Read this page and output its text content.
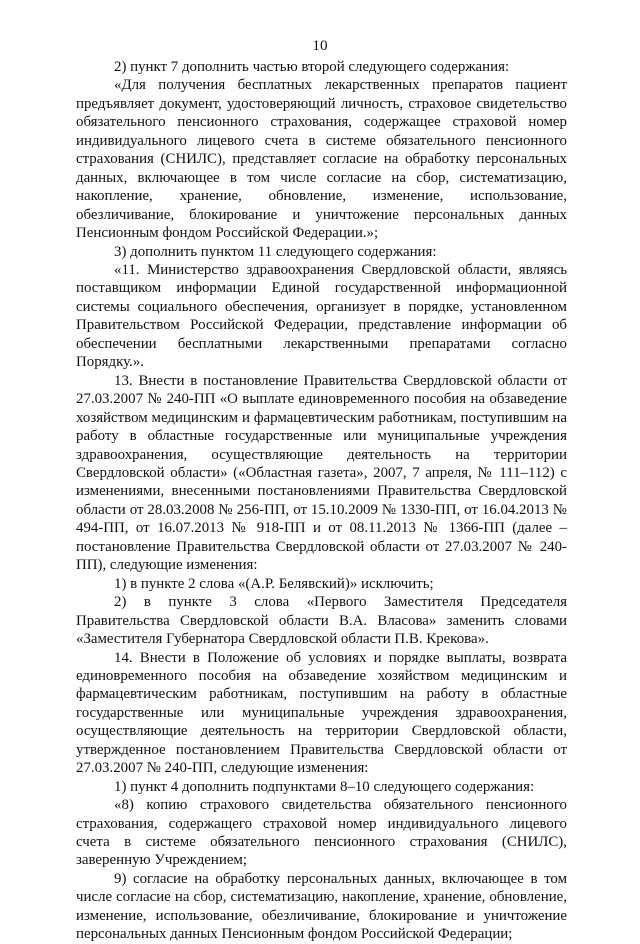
10

2) пункт 7 дополнить частью второй следующего содержания:

«Для получения бесплатных лекарственных препаратов пациент предъявляет документ, удостоверяющий личность, страховое свидетельство обязательного пенсионного страхования, содержащее страховой номер индивидуального лицевого счета в системе обязательного пенсионного страхования (СНИЛС), представляет согласие на обработку персональных данных, включающее в том числе согласие на сбор, систематизацию, накопление, хранение, обновление, изменение, использование, обезличивание, блокирование и уничтожение персональных данных Пенсионным фондом Российской Федерации.»;

3) дополнить пунктом 11 следующего содержания:

«11. Министерство здравоохранения Свердловской области, являясь поставщиком информации Единой государственной информационной системы социального обеспечения, организует в порядке, установленном Правительством Российской Федерации, представление информации об обеспечении бесплатными лекарственными препаратами согласно Порядку.».

13. Внести в постановление Правительства Свердловской области от 27.03.2007 № 240-ПП «О выплате единовременного пособия на обзаведение хозяйством медицинским и фармацевтическим работникам, поступившим на работу в областные государственные или муниципальные учреждения здравоохранения, осуществляющие деятельность на территории Свердловской области» («Областная газета», 2007, 7 апреля, № 111–112) с изменениями, внесенными постановлениями Правительства Свердловской области от 28.03.2008 № 256-ПП, от 15.10.2009 № 1330-ПП, от 16.04.2013 № 494-ПП, от 16.07.2013 № 918-ПП и от 08.11.2013 № 1366-ПП (далее – постановление Правительства Свердловской области от 27.03.2007 № 240-ПП), следующие изменения:

1) в пункте 2 слова «(А.Р. Белявский)» исключить;

2) в пункте 3 слова «Первого Заместителя Председателя Правительства Свердловской области В.А. Власова» заменить словами «Заместителя Губернатора Свердловской области П.В. Крекова».

14. Внести в Положение об условиях и порядке выплаты, возврата единовременного пособия на обзаведение хозяйством медицинским и фармацевтическим работникам, поступившим на работу в областные государственные или муниципальные учреждения здравоохранения, осуществляющие деятельность на территории Свердловской области, утвержденное постановлением Правительства Свердловской области от 27.03.2007 № 240-ПП, следующие изменения:

1) пункт 4 дополнить подпунктами 8–10 следующего содержания:

«8) копию страхового свидетельства обязательного пенсионного страхования, содержащего страховой номер индивидуального лицевого счета в системе обязательного пенсионного страхования (СНИЛС), заверенную Учреждением;

9) согласие на обработку персональных данных, включающее в том числе согласие на сбор, систематизацию, накопление, хранение, обновление, изменение, использование, обезличивание, блокирование и уничтожение персональных данных Пенсионным фондом Российской Федерации;
